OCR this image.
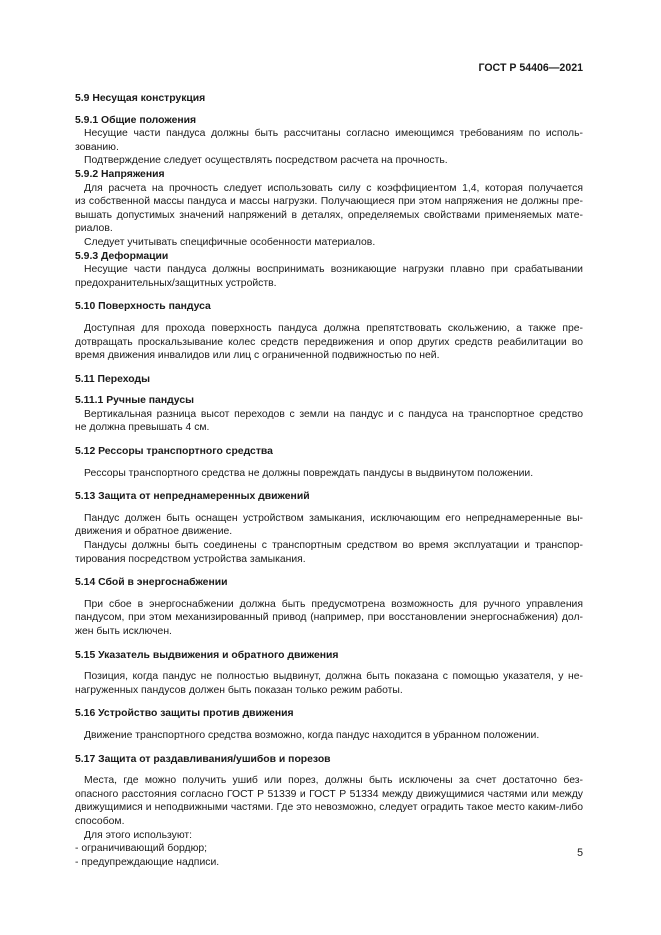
ГОСТ Р 54406—2021
5.9 Несущая конструкция
5.9.1 Общие положения
Несущие части пандуса должны быть рассчитаны согласно имеющимся требованиям по исполь-
зованию.
Подтверждение следует осуществлять посредством расчета на прочность.
5.9.2 Напряжения
Для расчета на прочность следует использовать силу с коэффициентом 1,4, которая получается
из собственной массы пандуса и массы нагрузки. Получающиеся при этом напряжения не должны пре-
вышать допустимых значений напряжений в деталях, определяемых свойствами применяемых мате-
риалов.
Следует учитывать специфичные особенности материалов.
5.9.3 Деформации
Несущие части пандуса должны воспринимать возникающие нагрузки плавно при срабатывании
предохранительных/защитных устройств.
5.10 Поверхность пандуса
Доступная для прохода поверхность пандуса должна препятствовать скольжению, а также пре-
дотвращать проскальзывание колес средств передвижения и опор других средств реабилитации во
время движения инвалидов или лиц с ограниченной подвижностью по ней.
5.11 Переходы
5.11.1 Ручные пандусы
Вертикальная разница высот переходов с земли на пандус и с пандуса на транспортное средство
не должна превышать 4 см.
5.12 Рессоры транспортного средства
Рессоры транспортного средства не должны повреждать пандусы в выдвинутом положении.
5.13 Защита от непреднамеренных движений
Пандус должен быть оснащен устройством замыкания, исключающим его непреднамеренные вы-
движения и обратное движение.
Пандусы должны быть соединены с транспортным средством во время эксплуатации и транспор-
тирования посредством устройства замыкания.
5.14 Сбой в энергоснабжении
При сбое в энергоснабжении должна быть предусмотрена возможность для ручного управления
пандусом, при этом механизированный привод (например, при восстановлении энергоснабжения) дол-
жен быть исключен.
5.15 Указатель выдвижения и обратного движения
Позиция, когда пандус не полностью выдвинут, должна быть показана с помощью указателя, у не-
нагруженных пандусов должен быть показан только режим работы.
5.16 Устройство защиты против движения
Движение транспортного средства возможно, когда пандус находится в убранном положении.
5.17 Защита от раздавливания/ушибов и порезов
Места, где можно получить ушиб или порез, должны быть исключены за счет достаточно без-
опасного расстояния согласно ГОСТ Р 51339 и ГОСТ Р 51334 между движущимися частями или между
движущимися и неподвижными частями. Где это невозможно, следует оградить такое место каким-либо
способом.
Для этого используют:
- ограничивающий бордюр;
- предупреждающие надписи.
5
